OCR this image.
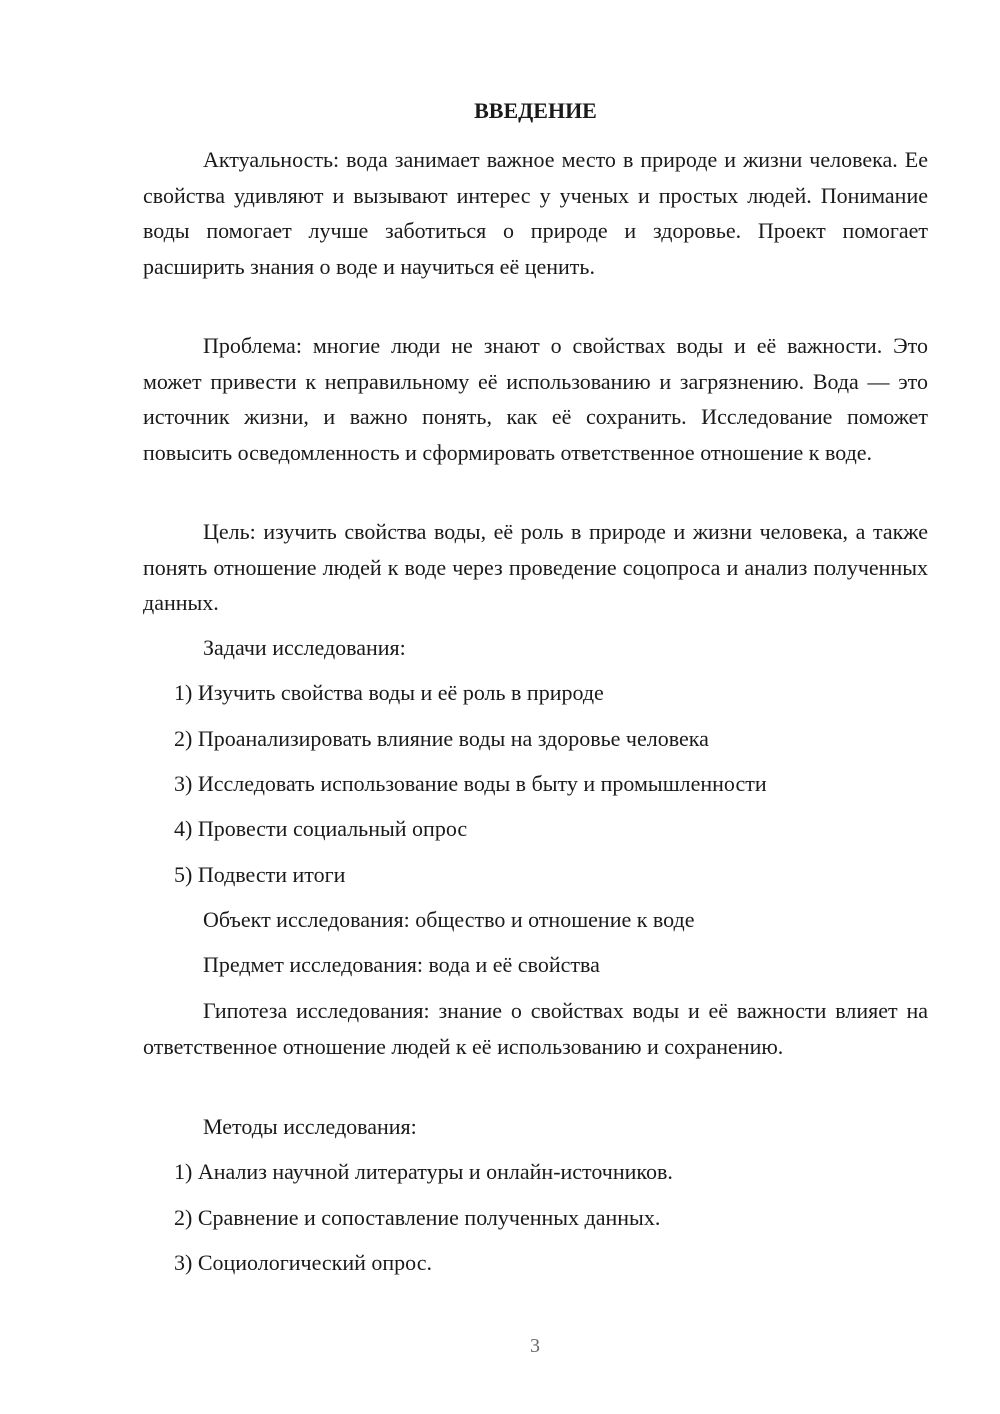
ВВЕДЕНИЕ

Актуальность: вода занимает важное место в природе и жизни человека. Ее свойства удивляют и вызывают интерес у ученых и простых людей. Понимание воды помогает лучше заботиться о природе и здоровье. Проект помогает расширить знания о воде и научиться её ценить.

Проблема: многие люди не знают о свойствах воды и её важности. Это может привести к неправильному её использованию и загрязнению. Вода — это источник жизни, и важно понять, как её сохранить. Исследование поможет повысить осведомленность и сформировать ответственное отношение к воде.

Цель: изучить свойства воды, её роль в природе и жизни человека, а также понять отношение людей к воде через проведение соцопроса и анализ полученных данных.

Задачи исследования:

1) Изучить свойства воды и её роль в природе

2) Проанализировать влияние воды на здоровье человека

3) Исследовать использование воды в быту и промышленности

4) Провести социальный опрос

5) Подвести итоги

Объект исследования: общество и отношение к воде

Предмет исследования: вода и её свойства

Гипотеза исследования: знание о свойствах воды и её важности влияет на ответственное отношение людей к её использованию и сохранению.

Методы исследования:

1) Анализ научной литературы и онлайн-источников.

2) Сравнение и сопоставление полученных данных.

3) Социологический опрос.

3
